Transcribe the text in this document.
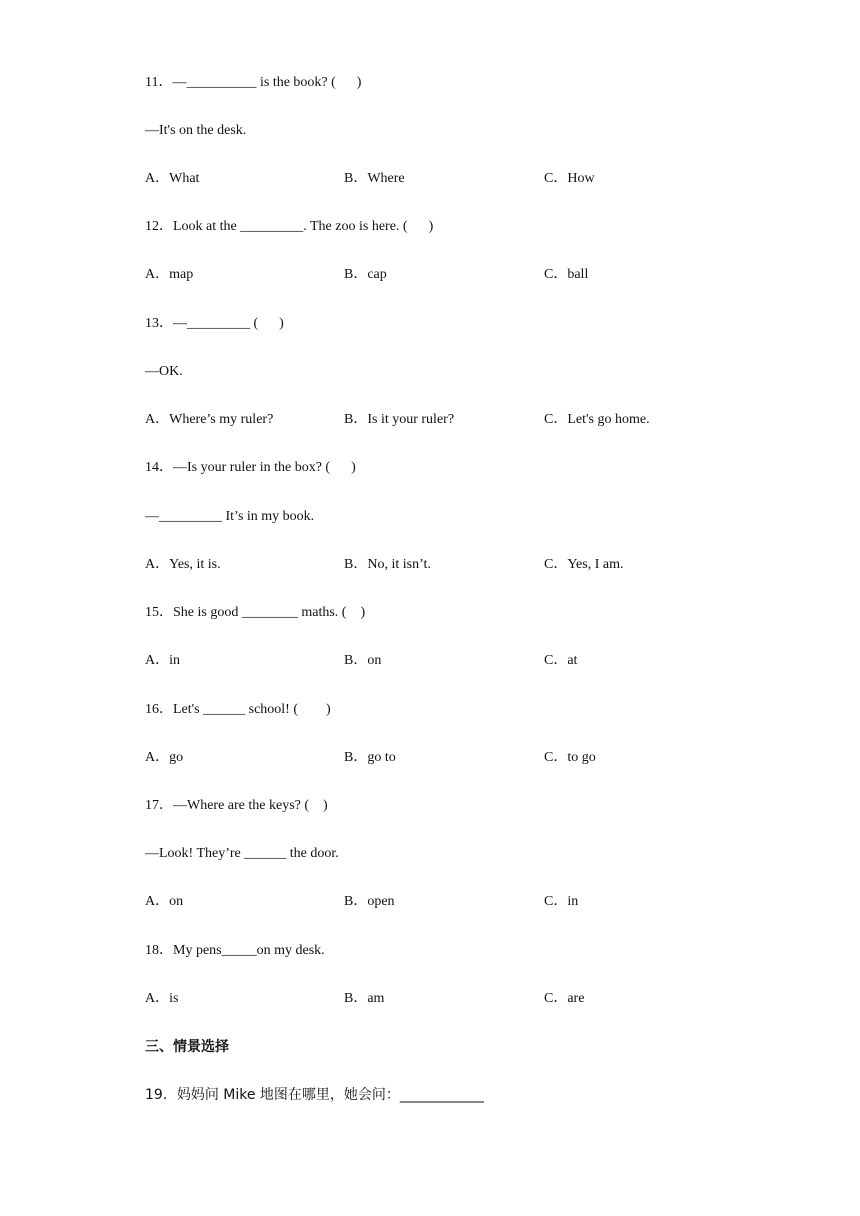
11．—__________ is the book? (      )
—It's on the desk.
A．What	B．Where	C．How
12．Look at the _________. The zoo is here. (      )
A．map	B．cap	C．ball
13．—_________ (      )
—OK.
A．Where’s my ruler?	B．Is it your ruler?	C．Let's go home.
14．—Is your ruler in the box? (      )
—_________ It’s in my book.
A．Yes, it is.	B．No, it isn’t.	C．Yes, I am.
15．She is good ________ maths. (    )
A．in	B．on	C．at
16．Let's ______ school! (        )
A．go	B．go to	C．to go
17．—Where are the keys? (    )
—Look! They’re ______ the door.
A．on	B．open	C．in
18．My pens_____on my desk.
A．is	B．am	C．are
三、情景选择
19．妈妈问 Mike 地图在哪里，她会问：____________
